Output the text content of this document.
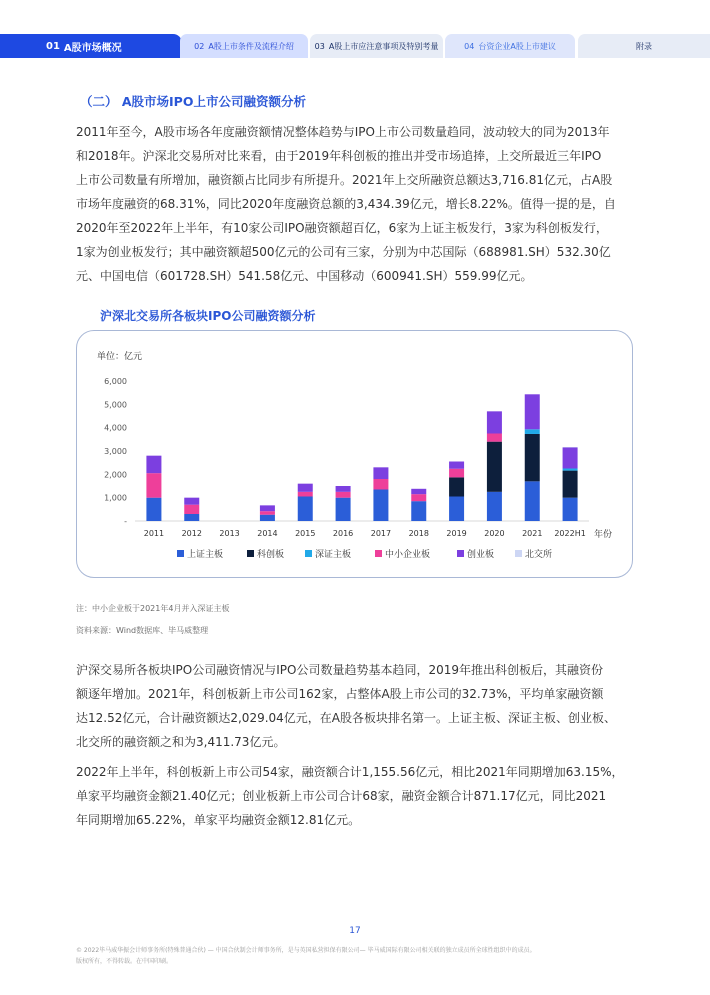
01 A股市场概况	02 A股上市条件及流程介绍	03 A股上市应注意事项及特别考量	04 台资企业A股上市建议	附录
（二） A股市场IPO上市公司融资额分析
2011年至今，A股市场各年度融资额情况整体趋势与IPO上市公司数量趋同，波动较大的同为2013年
和2018年。沪深北交易所对比来看，由于2019年科创板的推出并受市场追捧，上交所最近三年IPO
上市公司数量有所增加，融资额占比同步有所提升。2021年上交所融资总额达3,716.81亿元，占A股
市场年度融资的68.31%，同比2020年度融资总额的3,434.39亿元，增长8.22%。值得一提的是，自
2020年至2022年上半年，有10家公司IPO融资额超百亿，6家为上证主板发行，3家为科创板发行，
1家为创业板发行；其中融资额超500亿元的公司有三家，分别为中芯国际（688981.SH）532.30亿
元、中国电信（601728.SH）541.58亿元、中国移动（600941.SH）559.99亿元。
沪深北交易所各板块IPO公司融资额分析
单位：亿元
-
1,000
2,000
3,000
4,000
5,000
6,000
2011 2012 2013 2014 2015 2016 2017 2018 2019 2020 2021 2022H1 年份
上证主板	科创板	深证主板	中小企业板	创业板	北交所
注：中小企业板于2021年4月并入深证主板
资料来源：Wind数据库、毕马威整理
沪深交易所各板块IPO公司融资情况与IPO公司数量趋势基本趋同，2019年推出科创板后，其融资份
额逐年增加。2021年，科创板新上市公司162家，占整体A股上市公司的32.73%，平均单家融资额
达12.52亿元，合计融资额达2,029.04亿元，在A股各板块排名第一。上证主板、深证主板、创业板、
北交所的融资额之和为3,411.73亿元。
2022年上半年，科创板新上市公司54家，融资额合计1,155.56亿元，相比2021年同期增加63.15%，
单家平均融资金额21.40亿元；创业板新上市公司合计68家，融资金额合计871.17亿元，同比2021
年同期增加65.22%，单家平均融资金额12.81亿元。
17
© 2022毕马威华振会计师事务所(特殊普通合伙) — 中国合伙制会计师事务所，是与英国私营担保有限公司— 毕马威国际有限公司相关联的独立成员所全球性组织中的成员。
版权所有，不得转载。在中国印刷。
